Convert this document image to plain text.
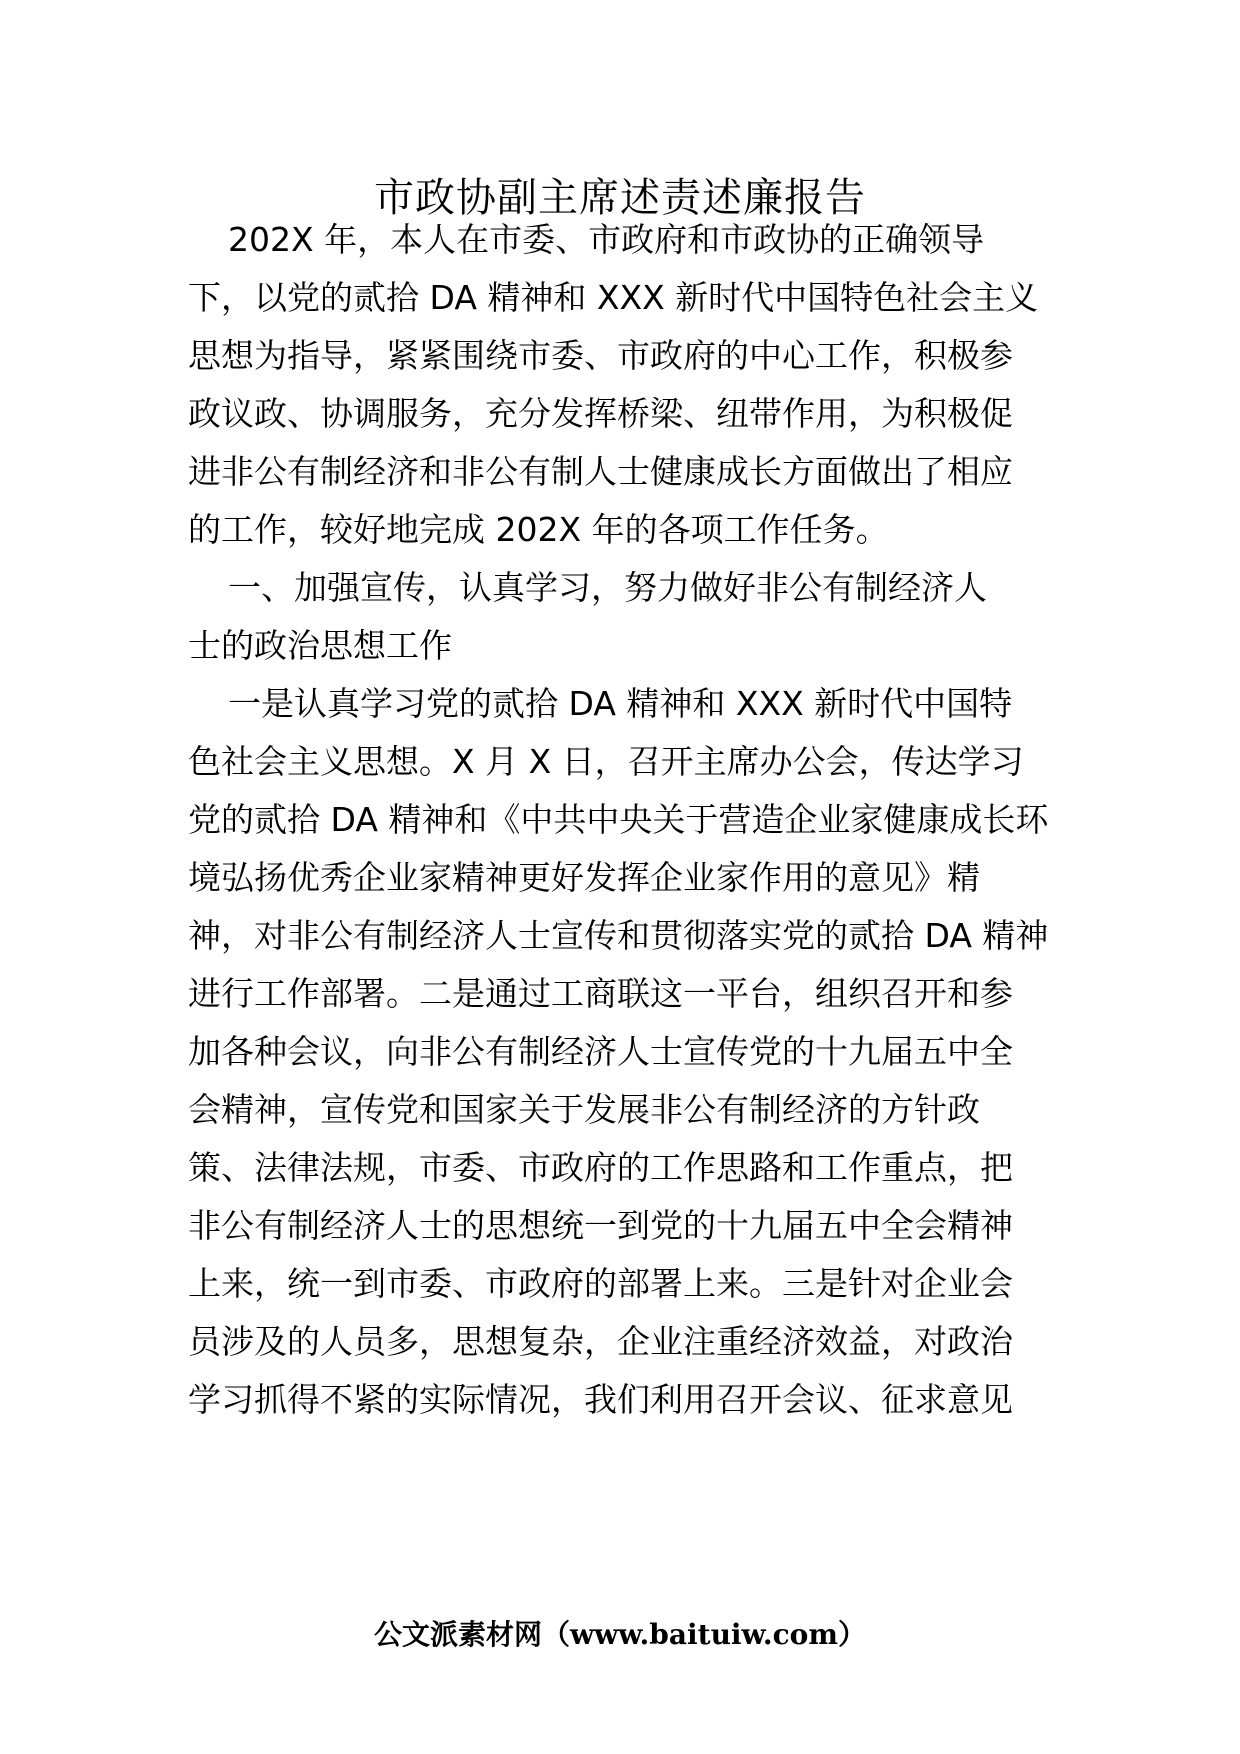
市政协副主席述责述廉报告
202X 年，本人在市委、市政府和市政协的正确领导
下，以党的贰拾 DA 精神和 XXX 新时代中国特色社会主义
思想为指导，紧紧围绕市委、市政府的中心工作，积极参
政议政、协调服务，充分发挥桥梁、纽带作用，为积极促
进非公有制经济和非公有制人士健康成长方面做出了相应
的工作，较好地完成 202X 年的各项工作任务。
一、加强宣传，认真学习，努力做好非公有制经济人
士的政治思想工作
一是认真学习党的贰拾 DA 精神和 XXX 新时代中国特
色社会主义思想。X 月 X 日，召开主席办公会，传达学习
党的贰拾 DA 精神和《中共中央关于营造企业家健康成长环
境弘扬优秀企业家精神更好发挥企业家作用的意见》精
神，对非公有制经济人士宣传和贯彻落实党的贰拾 DA 精神
进行工作部署。二是通过工商联这一平台，组织召开和参
加各种会议，向非公有制经济人士宣传党的十九届五中全
会精神，宣传党和国家关于发展非公有制经济的方针政
策、法律法规，市委、市政府的工作思路和工作重点，把
非公有制经济人士的思想统一到党的十九届五中全会精神
上来，统一到市委、市政府的部署上来。三是针对企业会
员涉及的人员多，思想复杂，企业注重经济效益，对政治
学习抓得不紧的实际情况，我们利用召开会议、征求意见
公文派素材网（www.baituiw.com）
